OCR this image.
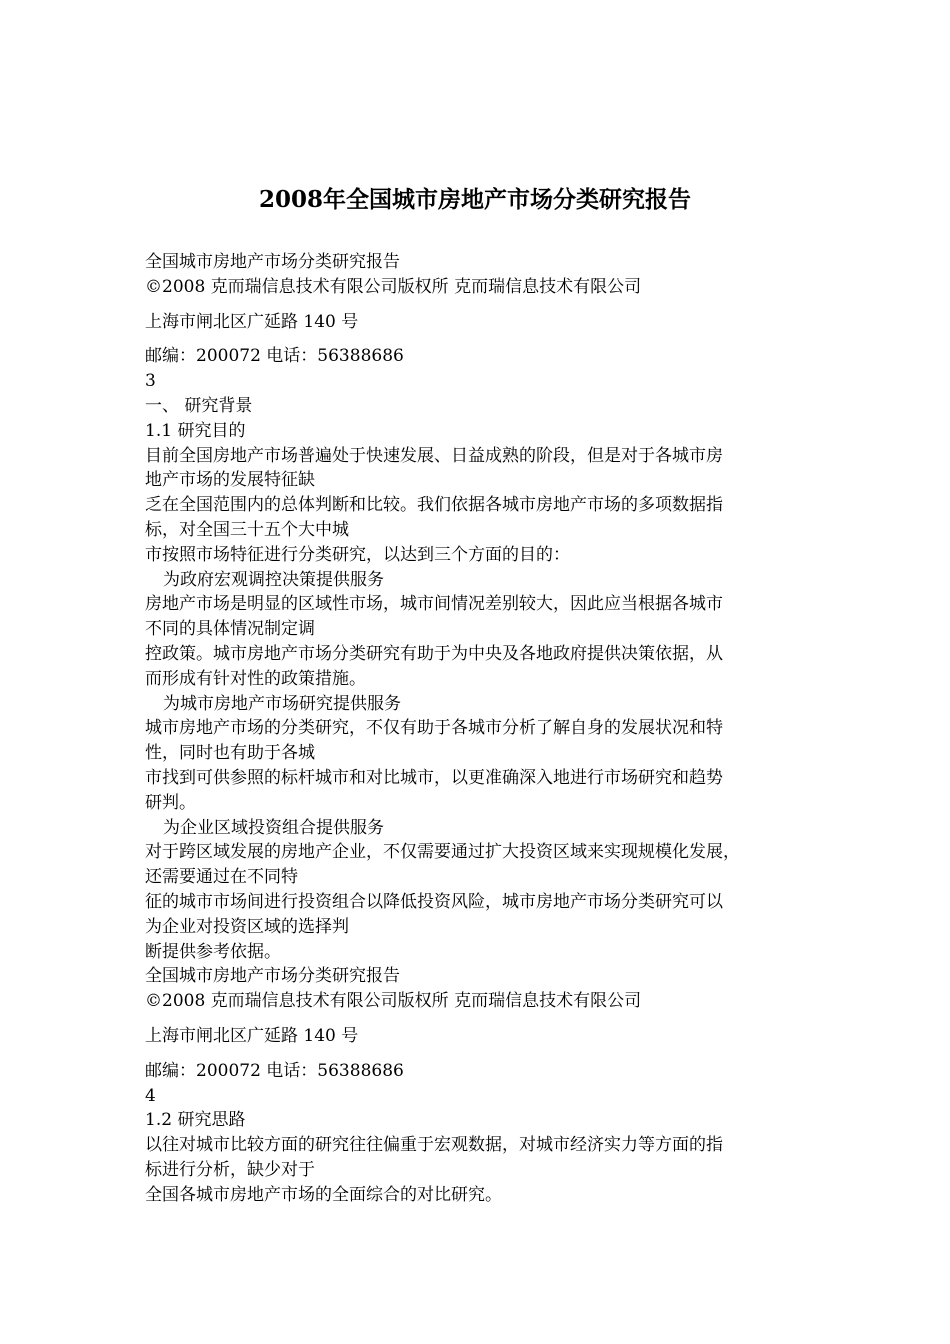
2008年全国城市房地产市场分类研究报告
全国城市房地产市场分类研究报告
©2008 克而瑞信息技术有限公司版权所 克而瑞信息技术有限公司
上海市闸北区广延路 140 号
邮编：200072 电话：56388686
3
一、 研究背景
1.1 研究目的
目前全国房地产市场普遍处于快速发展、日益成熟的阶段，但是对于各城市房
地产市场的发展特征缺
乏在全国范围内的总体判断和比较。我们依据各城市房地产市场的多项数据指
标，对全国三十五个大中城
市按照市场特征进行分类研究，以达到三个方面的目的：
为政府宏观调控决策提供服务
房地产市场是明显的区域性市场，城市间情况差别较大，因此应当根据各城市
不同的具体情况制定调
控政策。城市房地产市场分类研究有助于为中央及各地政府提供决策依据，从
而形成有针对性的政策措施。
为城市房地产市场研究提供服务
城市房地产市场的分类研究，不仅有助于各城市分析了解自身的发展状况和特
性，同时也有助于各城
市找到可供参照的标杆城市和对比城市，以更准确深入地进行市场研究和趋势
研判。
为企业区域投资组合提供服务
对于跨区域发展的房地产企业，不仅需要通过扩大投资区域来实现规模化发展，
还需要通过在不同特
征的城市市场间进行投资组合以降低投资风险，城市房地产市场分类研究可以
为企业对投资区域的选择判
断提供参考依据。
全国城市房地产市场分类研究报告
©2008 克而瑞信息技术有限公司版权所 克而瑞信息技术有限公司
上海市闸北区广延路 140 号
邮编：200072 电话：56388686
4
1.2 研究思路
以往对城市比较方面的研究往往偏重于宏观数据，对城市经济实力等方面的指
标进行分析，缺少对于
全国各城市房地产市场的全面综合的对比研究。
